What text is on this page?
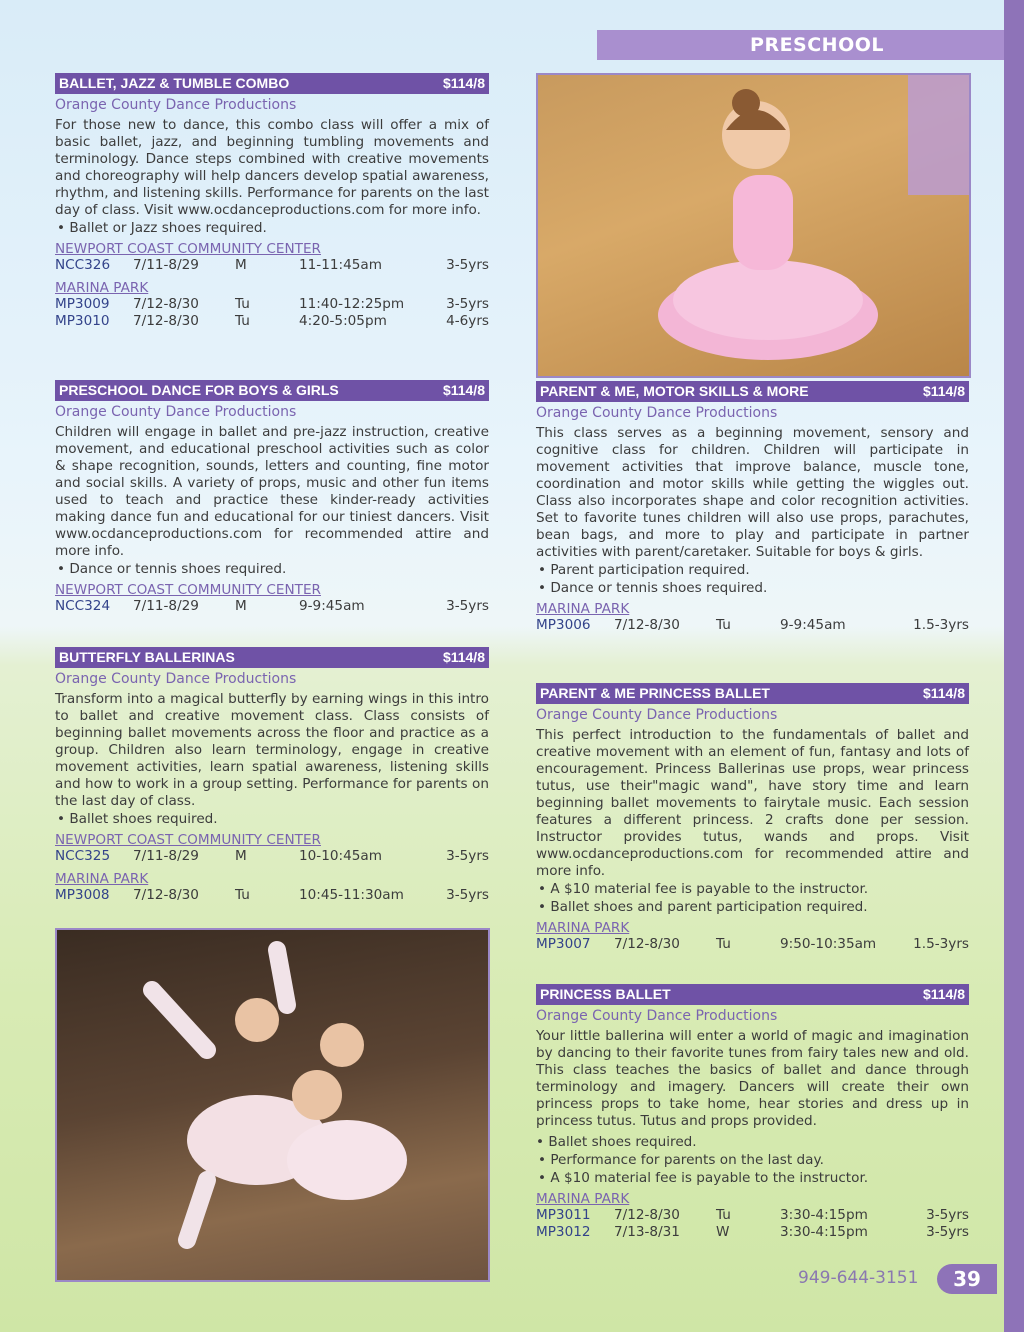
PRESCHOOL
BALLET, JAZZ & TUMBLE COMBO	$114/8
Orange County Dance Productions
For those new to dance, this combo class will offer a mix of basic ballet, jazz, and beginning tumbling movements and terminology. Dance steps combined with creative movements and choreography will help dancers develop spatial awareness, rhythm, and listening skills. Performance for parents on the last day of class. Visit www.ocdanceproductions.com for more info.
• Ballet or Jazz shoes required.
NEWPORT COAST COMMUNITY CENTER
NCC326	7/11-8/29	M	11-11:45am	3-5yrs
MARINA PARK
MP3009	7/12-8/30	Tu	11:40-12:25pm	3-5yrs
MP3010	7/12-8/30	Tu	4:20-5:05pm	4-6yrs
PRESCHOOL DANCE FOR BOYS & GIRLS	$114/8
Orange County Dance Productions
Children will engage in ballet and pre-jazz instruction, creative movement, and educational preschool activities such as color & shape recognition, sounds, letters and counting, fine motor and social skills. A variety of props, music and other fun items used to teach and practice these kinder-ready activities making dance fun and educational for our tiniest dancers. Visit www.ocdanceproductions.com for recommended attire and more info.
• Dance or tennis shoes required.
NEWPORT COAST COMMUNITY CENTER
NCC324	7/11-8/29	M	9-9:45am	3-5yrs
BUTTERFLY BALLERINAS	$114/8
Orange County Dance Productions
Transform into a magical butterfly by earning wings in this intro to ballet and creative movement class. Class consists of beginning ballet movements across the floor and practice as a group. Children also learn terminology, engage in creative movement activities, learn spatial awareness, listening skills and how to work in a group setting. Performance for parents on the last day of class.
• Ballet shoes required.
NEWPORT COAST COMMUNITY CENTER
NCC325	7/11-8/29	M	10-10:45am	3-5yrs
MARINA PARK
MP3008	7/12-8/30	Tu	10:45-11:30am	3-5yrs
PARENT & ME, MOTOR SKILLS & MORE	$114/8
Orange County Dance Productions
This class serves as a beginning movement, sensory and cognitive class for children. Children will participate in movement activities that improve balance, muscle tone, coordination and motor skills while getting the wiggles out. Class also incorporates shape and color recognition activities. Set to favorite tunes children will also use props, parachutes, bean bags, and more to play and participate in partner activities with parent/caretaker. Suitable for boys & girls.
• Parent participation required.
• Dance or tennis shoes required.
MARINA PARK
MP3006	7/12-8/30	Tu	9-9:45am	1.5-3yrs
PARENT & ME PRINCESS BALLET	$114/8
Orange County Dance Productions
This perfect introduction to the fundamentals of ballet and creative movement with an element of fun, fantasy and lots of encouragement. Princess Ballerinas use props, wear princess tutus, use their"magic wand", have story time and learn beginning ballet movements to fairytale music. Each session features a different princess. 2 crafts done per session. Instructor provides tutus, wands and props. Visit www.ocdanceproductions.com for recommended attire and more info.
• A $10 material fee is payable to the instructor.
• Ballet shoes and parent participation required.
MARINA PARK
MP3007	7/12-8/30	Tu	9:50-10:35am	1.5-3yrs
PRINCESS BALLET	$114/8
Orange County Dance Productions
Your little ballerina will enter a world of magic and imagination by dancing to their favorite tunes from fairy tales new and old. This class teaches the basics of ballet and dance through terminology and imagery. Dancers will create their own princess props to take home, hear stories and dress up in princess tutus. Tutus and props provided.
• Ballet shoes required.
• Performance for parents on the last day.
• A $10 material fee is payable to the instructor.
MARINA PARK
MP3011	7/12-8/30	Tu	3:30-4:15pm	3-5yrs
MP3012	7/13-8/31	W	3:30-4:15pm	3-5yrs
949-644-3151	39
